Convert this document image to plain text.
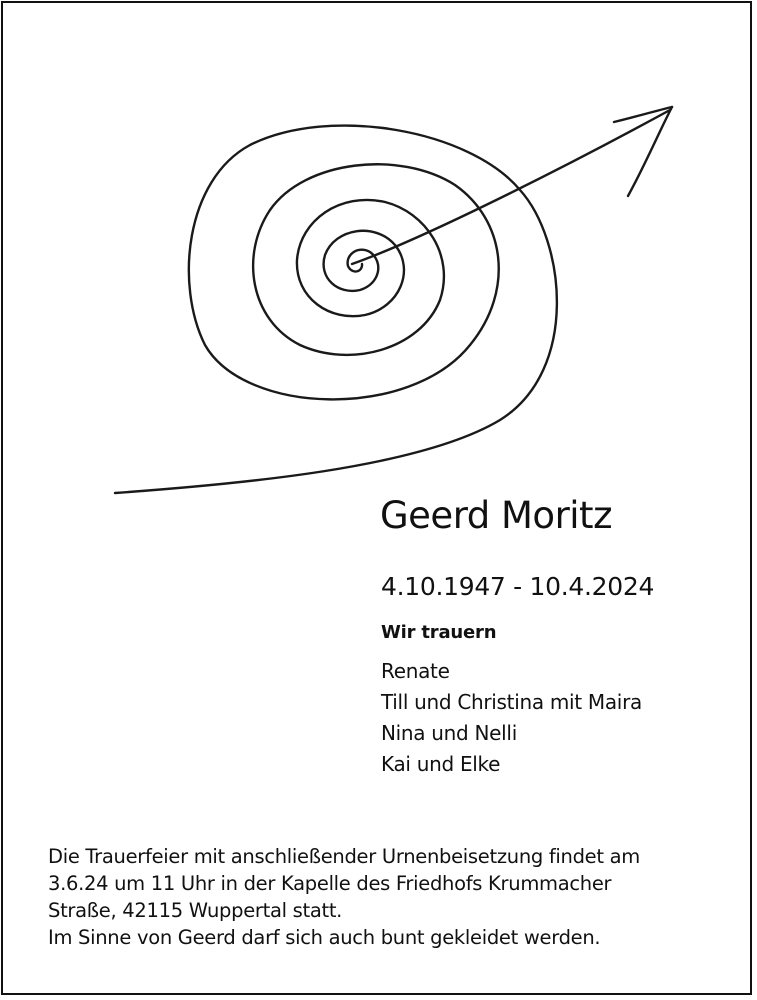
Geerd Moritz
4.10.1947 - 10.4.2024
Wir trauern
Renate
Till und Christina mit Maira
Nina und Nelli
Kai und Elke
Die Trauerfeier mit anschließender Urnenbeisetzung findet am
3.6.24 um 11 Uhr in der Kapelle des Friedhofs Krummacher
Straße, 42115 Wuppertal statt.
Im Sinne von Geerd darf sich auch bunt gekleidet werden.
